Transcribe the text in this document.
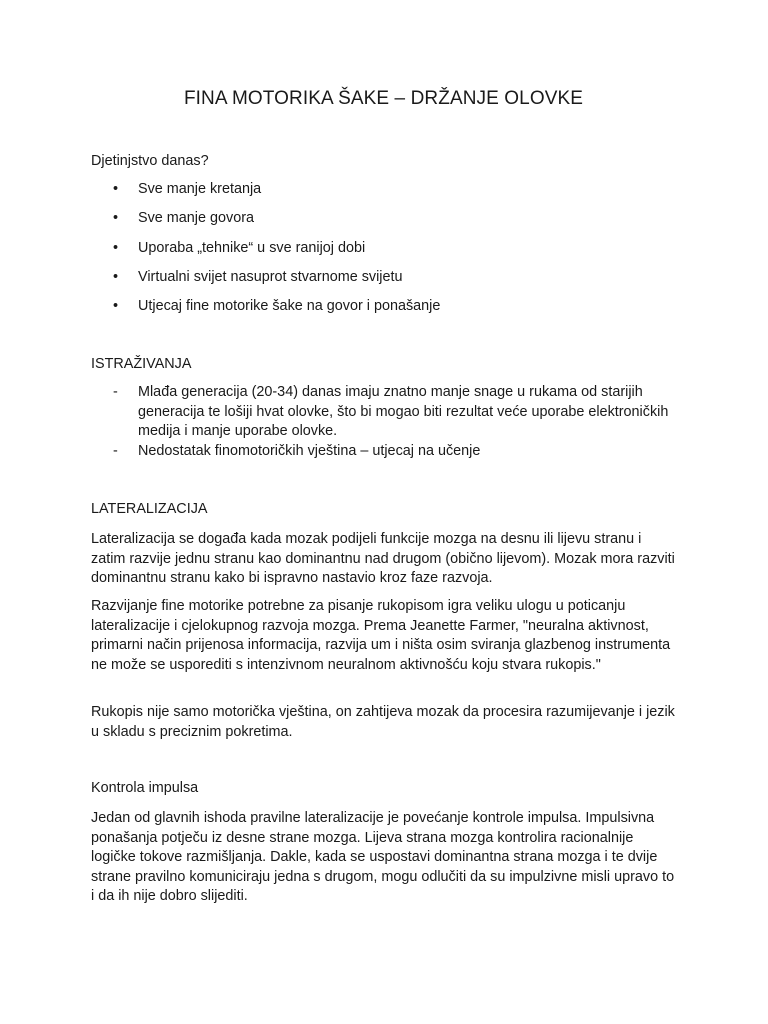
FINA MOTORIKA ŠAKE – DRŽANJE OLOVKE

Djetinjstvo danas?

• Sve manje kretanja
• Sve manje govora
• Uporaba „tehnike“ u sve ranijoj dobi
• Virtualni svijet nasuprot stvarnome svijetu
• Utjecaj fine motorike šake na govor i ponašanje

ISTRAŽIVANJA

- Mlađa generacija (20-34) danas imaju znatno manje snage u rukama od starijih generacija te lošiji hvat olovke, što bi mogao biti rezultat veće uporabe elektroničkih medija i manje uporabe olovke.
- Nedostatak finomotoričkih vještina – utjecaj na učenje

LATERALIZACIJA

Lateralizacija se događa kada mozak podijeli funkcije mozga na desnu ili lijevu stranu i zatim razvije jednu stranu kao dominantnu nad drugom (obično lijevom). Mozak mora razviti dominantnu stranu kako bi ispravno nastavio kroz faze razvoja.

Razvijanje fine motorike potrebne za pisanje rukopisom igra veliku ulogu u poticanju lateralizacije i cjelokupnog razvoja mozga. Prema Jeanette Farmer, "neuralna aktivnost, primarni način prijenosa informacija, razvija um i ništa osim sviranja glazbenog instrumenta ne može se usporediti s intenzivnom neuralnom aktivnošću koju stvara rukopis."

Rukopis nije samo motorička vještina, on zahtijeva mozak da procesira razumijevanje i jezik u skladu s preciznim pokretima.

Kontrola impulsa

Jedan od glavnih ishoda pravilne lateralizacije je povećanje kontrole impulsa. Impulsivna ponašanja potječu iz desne strane mozga. Lijeva strana mozga kontrolira racionalnije logičke tokove razmišljanja. Dakle, kada se uspostavi dominantna strana mozga i te dvije strane pravilno komuniciraju jedna s drugom, mogu odlučiti da su impulzivne misli upravo to i da ih nije dobro slijediti.
